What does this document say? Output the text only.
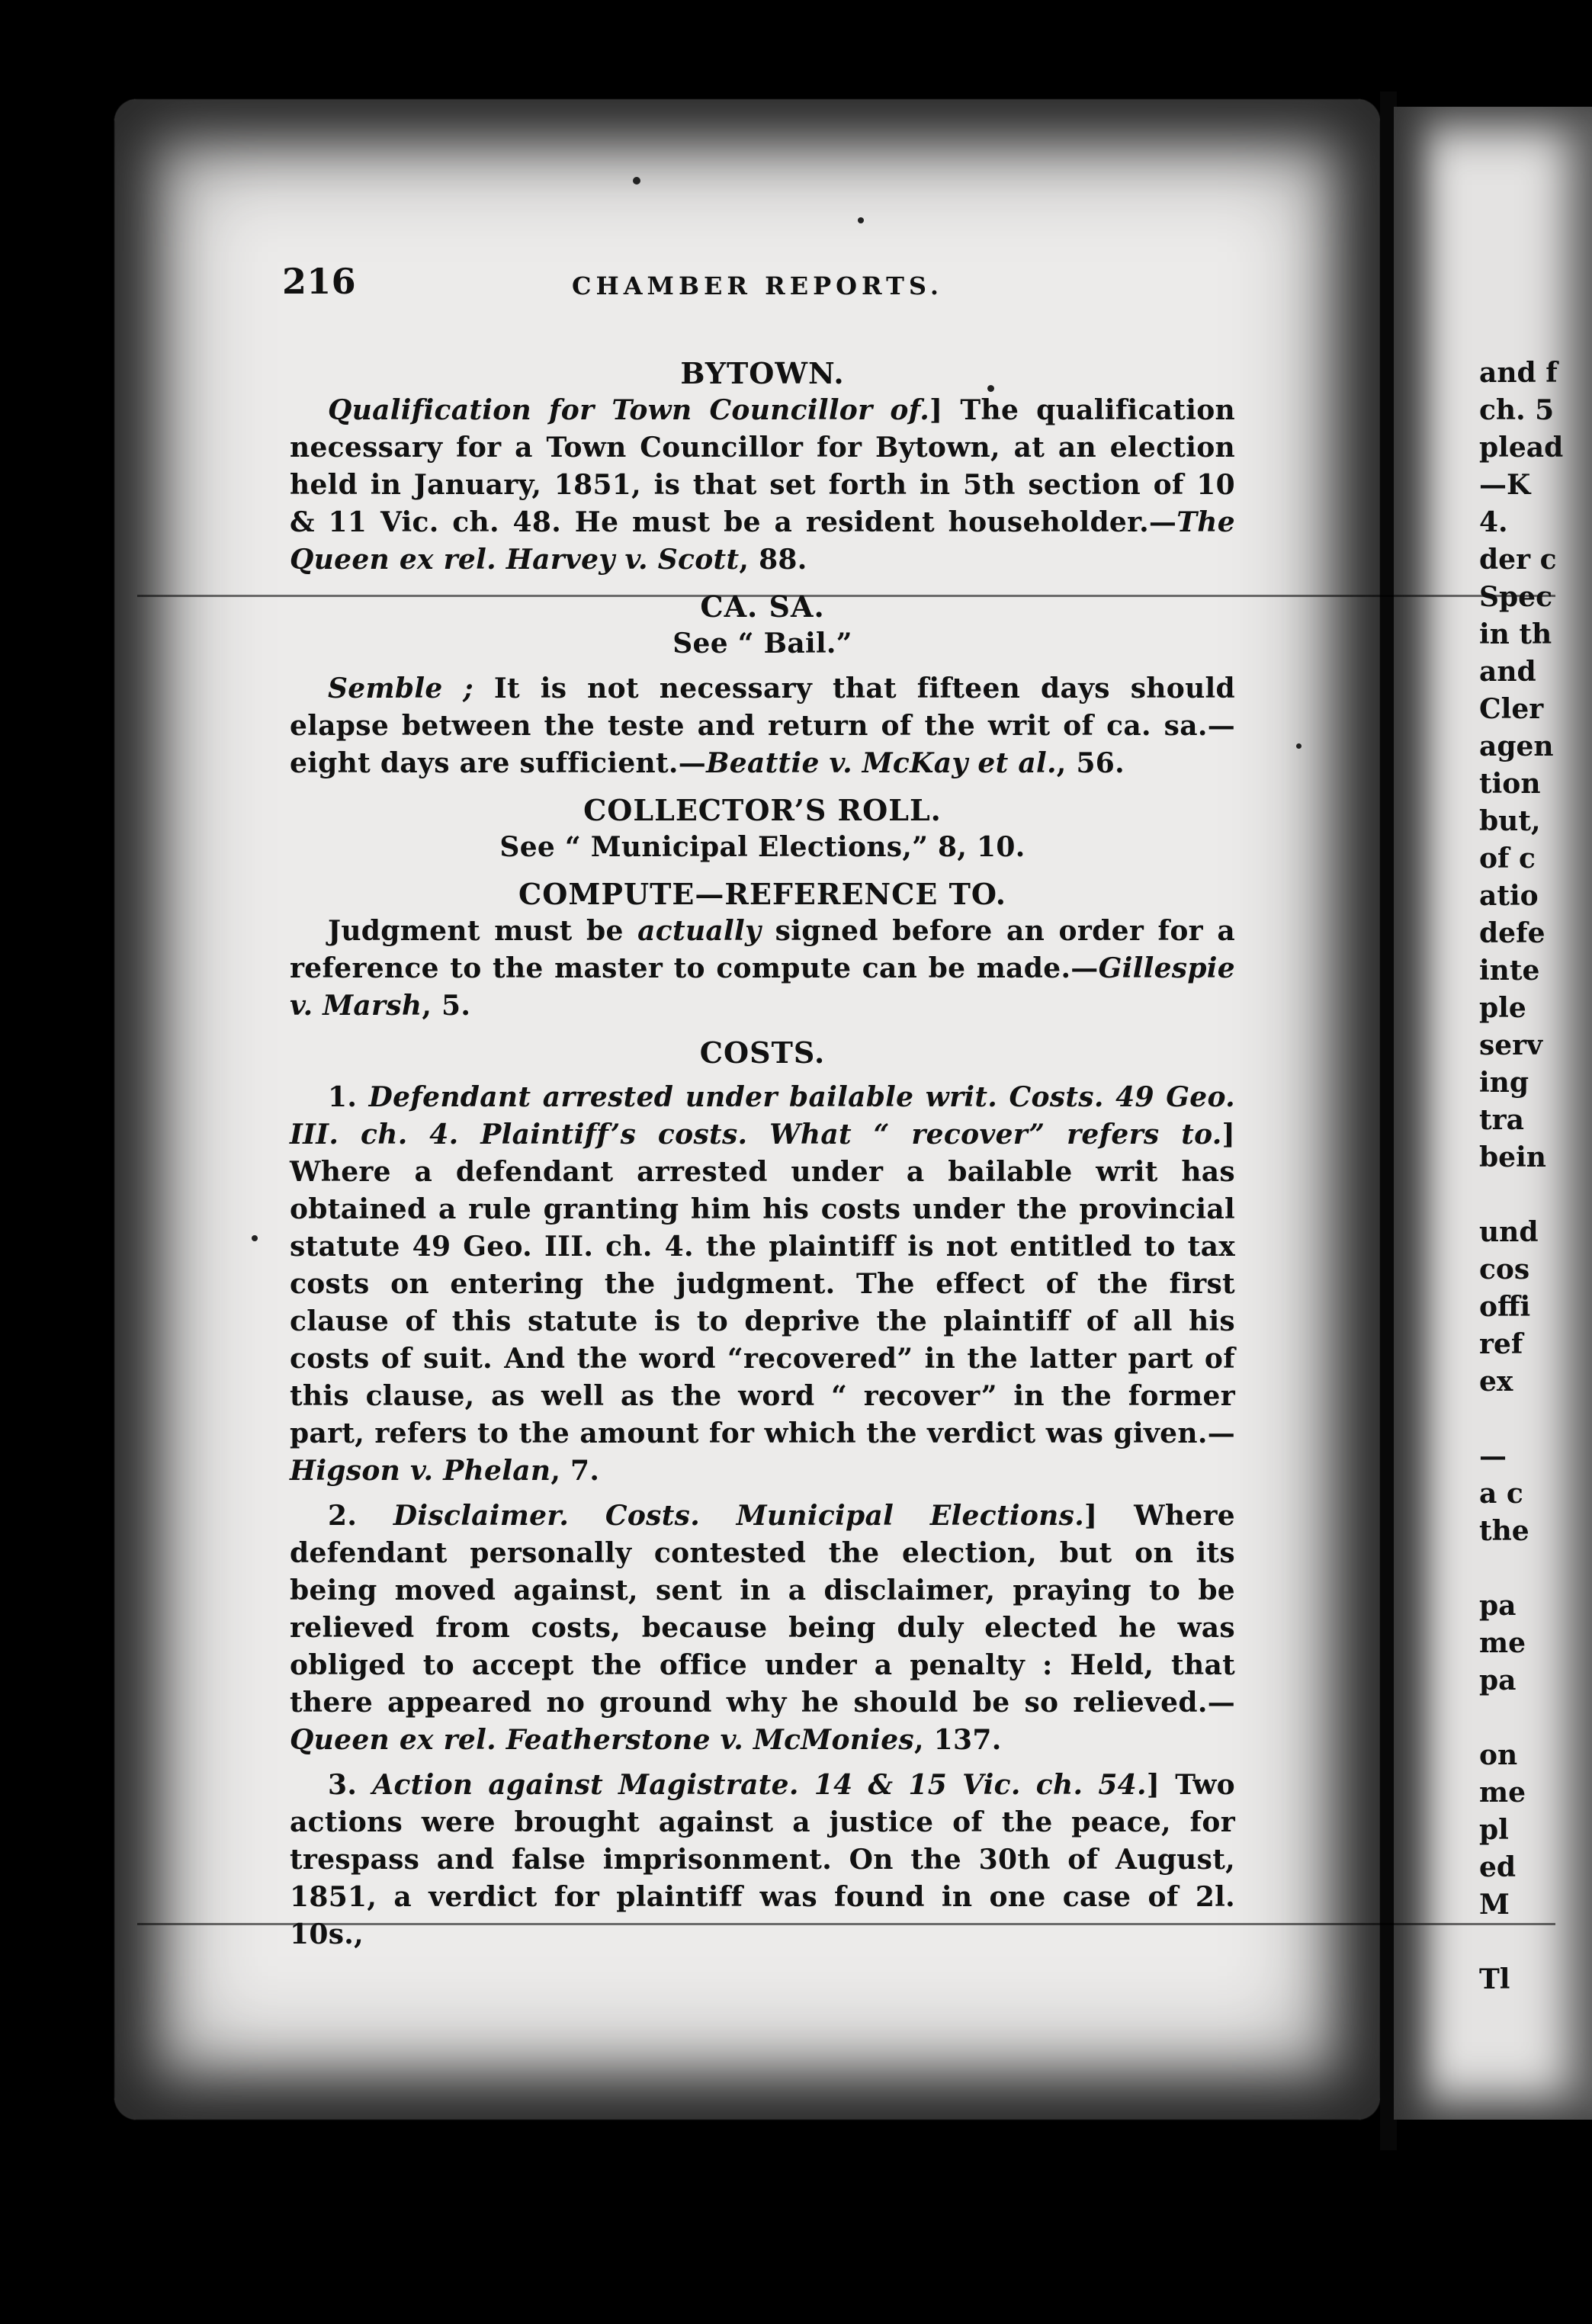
216	CHAMBER REPORTS.
BYTOWN.

Qualification for Town Councillor of.] The qualification necessary for a Town Councillor for Bytown, at an election held in January, 1851, is that set forth in 5th section of 10 & 11 Vic. ch. 48. He must be a resident householder.—The Queen ex rel. Harvey v. Scott, 88.

CA. SA.
See “ Bail.”

Semble ; It is not necessary that fifteen days should elapse between the teste and return of the writ of ca. sa.—eight days are sufficient.—Beattie v. McKay et al., 56.

COLLECTOR’S ROLL.
See “ Municipal Elections,” 8, 10.
COMPUTE—REFERENCE TO.

Judgment must be actually signed before an order for a reference to the master to compute can be made.—Gillespie v. Marsh, 5.

COSTS.

1. Defendant arrested under bailable writ. Costs. 49 Geo. III. ch. 4. Plaintiff’s costs. What “ recover” refers to.] Where a defendant arrested under a bailable writ has obtained a rule granting him his costs under the provincial statute 49 Geo. III. ch. 4. the plaintiff is not entitled to tax costs on entering the judgment. The effect of the first clause of this statute is to deprive the plaintiff of all his costs of suit. And the word “recovered” in the latter part of this clause, as well as the word “ recover” in the former part, refers to the amount for which the verdict was given.—Higson v. Phelan, 7.

2. Disclaimer. Costs. Municipal Elections.] Where defendant personally contested the election, but on its being moved against, sent in a disclaimer, praying to be relieved from costs, because being duly elected he was obliged to accept the office under a penalty : Held, that there appeared no ground why he should be so relieved.—Queen ex rel. Featherstone v. McMonies, 137.

3. Action against Magistrate. 14 & 15 Vic. ch. 54.] Two actions were brought against a justice of the peace, for trespass and false imprisonment. On the 30th of August, 1851, a verdict for plaintiff was found in one case of 2l. 10s.,

and f
ch. 5
plead
—K
4.
der c
Spec
in th
and
Cler
agen
tion
but,
of c
atio
defe
inte
ple
serv
ing
tra
bein

und
cos
offi
ref
ex

—
a c
the

pa
me
pa

on
me
pl
ed
M

Tl
